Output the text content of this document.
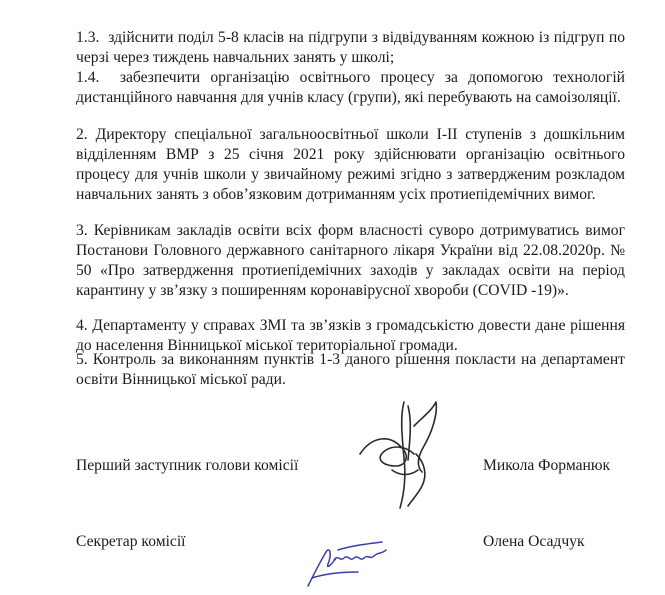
1.3.  здійснити поділ 5-8 класів на підгрупи з відвідуванням кожною із підгруп по черзі через тиждень навчальних занять у школі;

1.4.  забезпечити організацію освітнього процесу за допомогою технологій дистанційного навчання для учнів класу (групи), які перебувають на самоізоляції.

2. Директору спеціальної загальноосвітньої школи І-ІІ ступенів з дошкільним відділенням ВМР з 25 січня 2021 року здійснювати організацію освітнього процесу для учнів школи у звичайному режимі згідно з затвердженим розкладом навчальних занять з обов’язковим дотриманням усіх протиепідемічних вимог.

3. Керівникам закладів освіти всіх форм власності суворо дотримуватись вимог Постанови Головного державного санітарного лікаря України від 22.08.2020р. № 50 «Про затвердження протиепідемічних заходів у закладах освіти на період карантину у зв’язку з поширенням коронавірусної хвороби (COVID -19)».

4. Департаменту у справах ЗМІ та зв’язків з громадськістю довести дане рішення до населення Вінницької міської територіальної громади.

5. Контроль за виконанням пунктів 1-3 даного рішення покласти на департамент освіти Вінницької міської ради.

Перший заступник голови комісії	Микола Форманюк
Секретар комісії	Олена Осадчук
